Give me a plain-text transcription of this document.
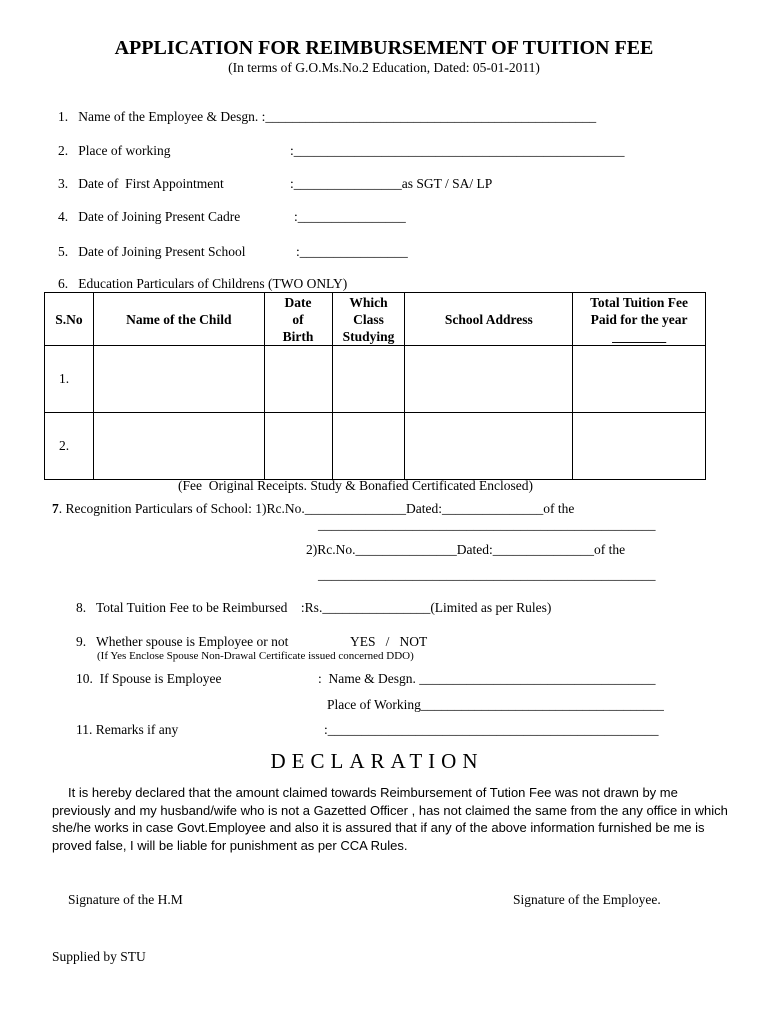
APPLICATION FOR REIMBURSEMENT OF TUITION FEE
(In terms of G.O.Ms.No.2 Education, Dated: 05-01-2011)
1.   Name of the Employee & Desgn. :_________________________________________________
2.   Place of working	:_________________________________________________
3.   Date of  First Appointment	:________________as SGT / SA/ LP
4.   Date of Joining Present Cadre	:________________
5.   Date of Joining Present School	:________________
6.   Education Particulars of Childrens (TWO ONLY)
S.No	Name of the Child	Date
of
Birth	Which
Class
Studying	School Address	Total Tuition Fee
Paid for the year
________
1.					
2.					
(Fee  Original Receipts. Study & Bonafied Certificated Enclosed)
7. Recognition Particulars of School: 1)Rc.No._______________Dated:_______________of the
__________________________________________________
2)Rc.No._______________Dated:_______________of the
__________________________________________________
8.   Total Tuition Fee to be Reimbursed    :Rs.________________(Limited as per Rules)
9.   Whether spouse is Employee or not	YES   /   NOT
(If Yes Enclose Spouse Non-Drawal Certificate issued concerned DDO)
10.  If Spouse is Employee	:  Name & Desgn. ___________________________________
Place of Working____________________________________
11. Remarks if any	:_________________________________________________
DECLARATION

It is hereby declared that the amount claimed towards Reimbursement of Tution Fee was not drawn by me previously and my husband/wife who is not a Gazetted Officer , has not claimed the same from the any office in which she/he works in case Govt.Employee and also it is assured that if any of the above information furnished be me is proved false, I will be liable for punishment as per CCA Rules.

Signature of the H.M	Signature of the Employee.
Supplied by STU
